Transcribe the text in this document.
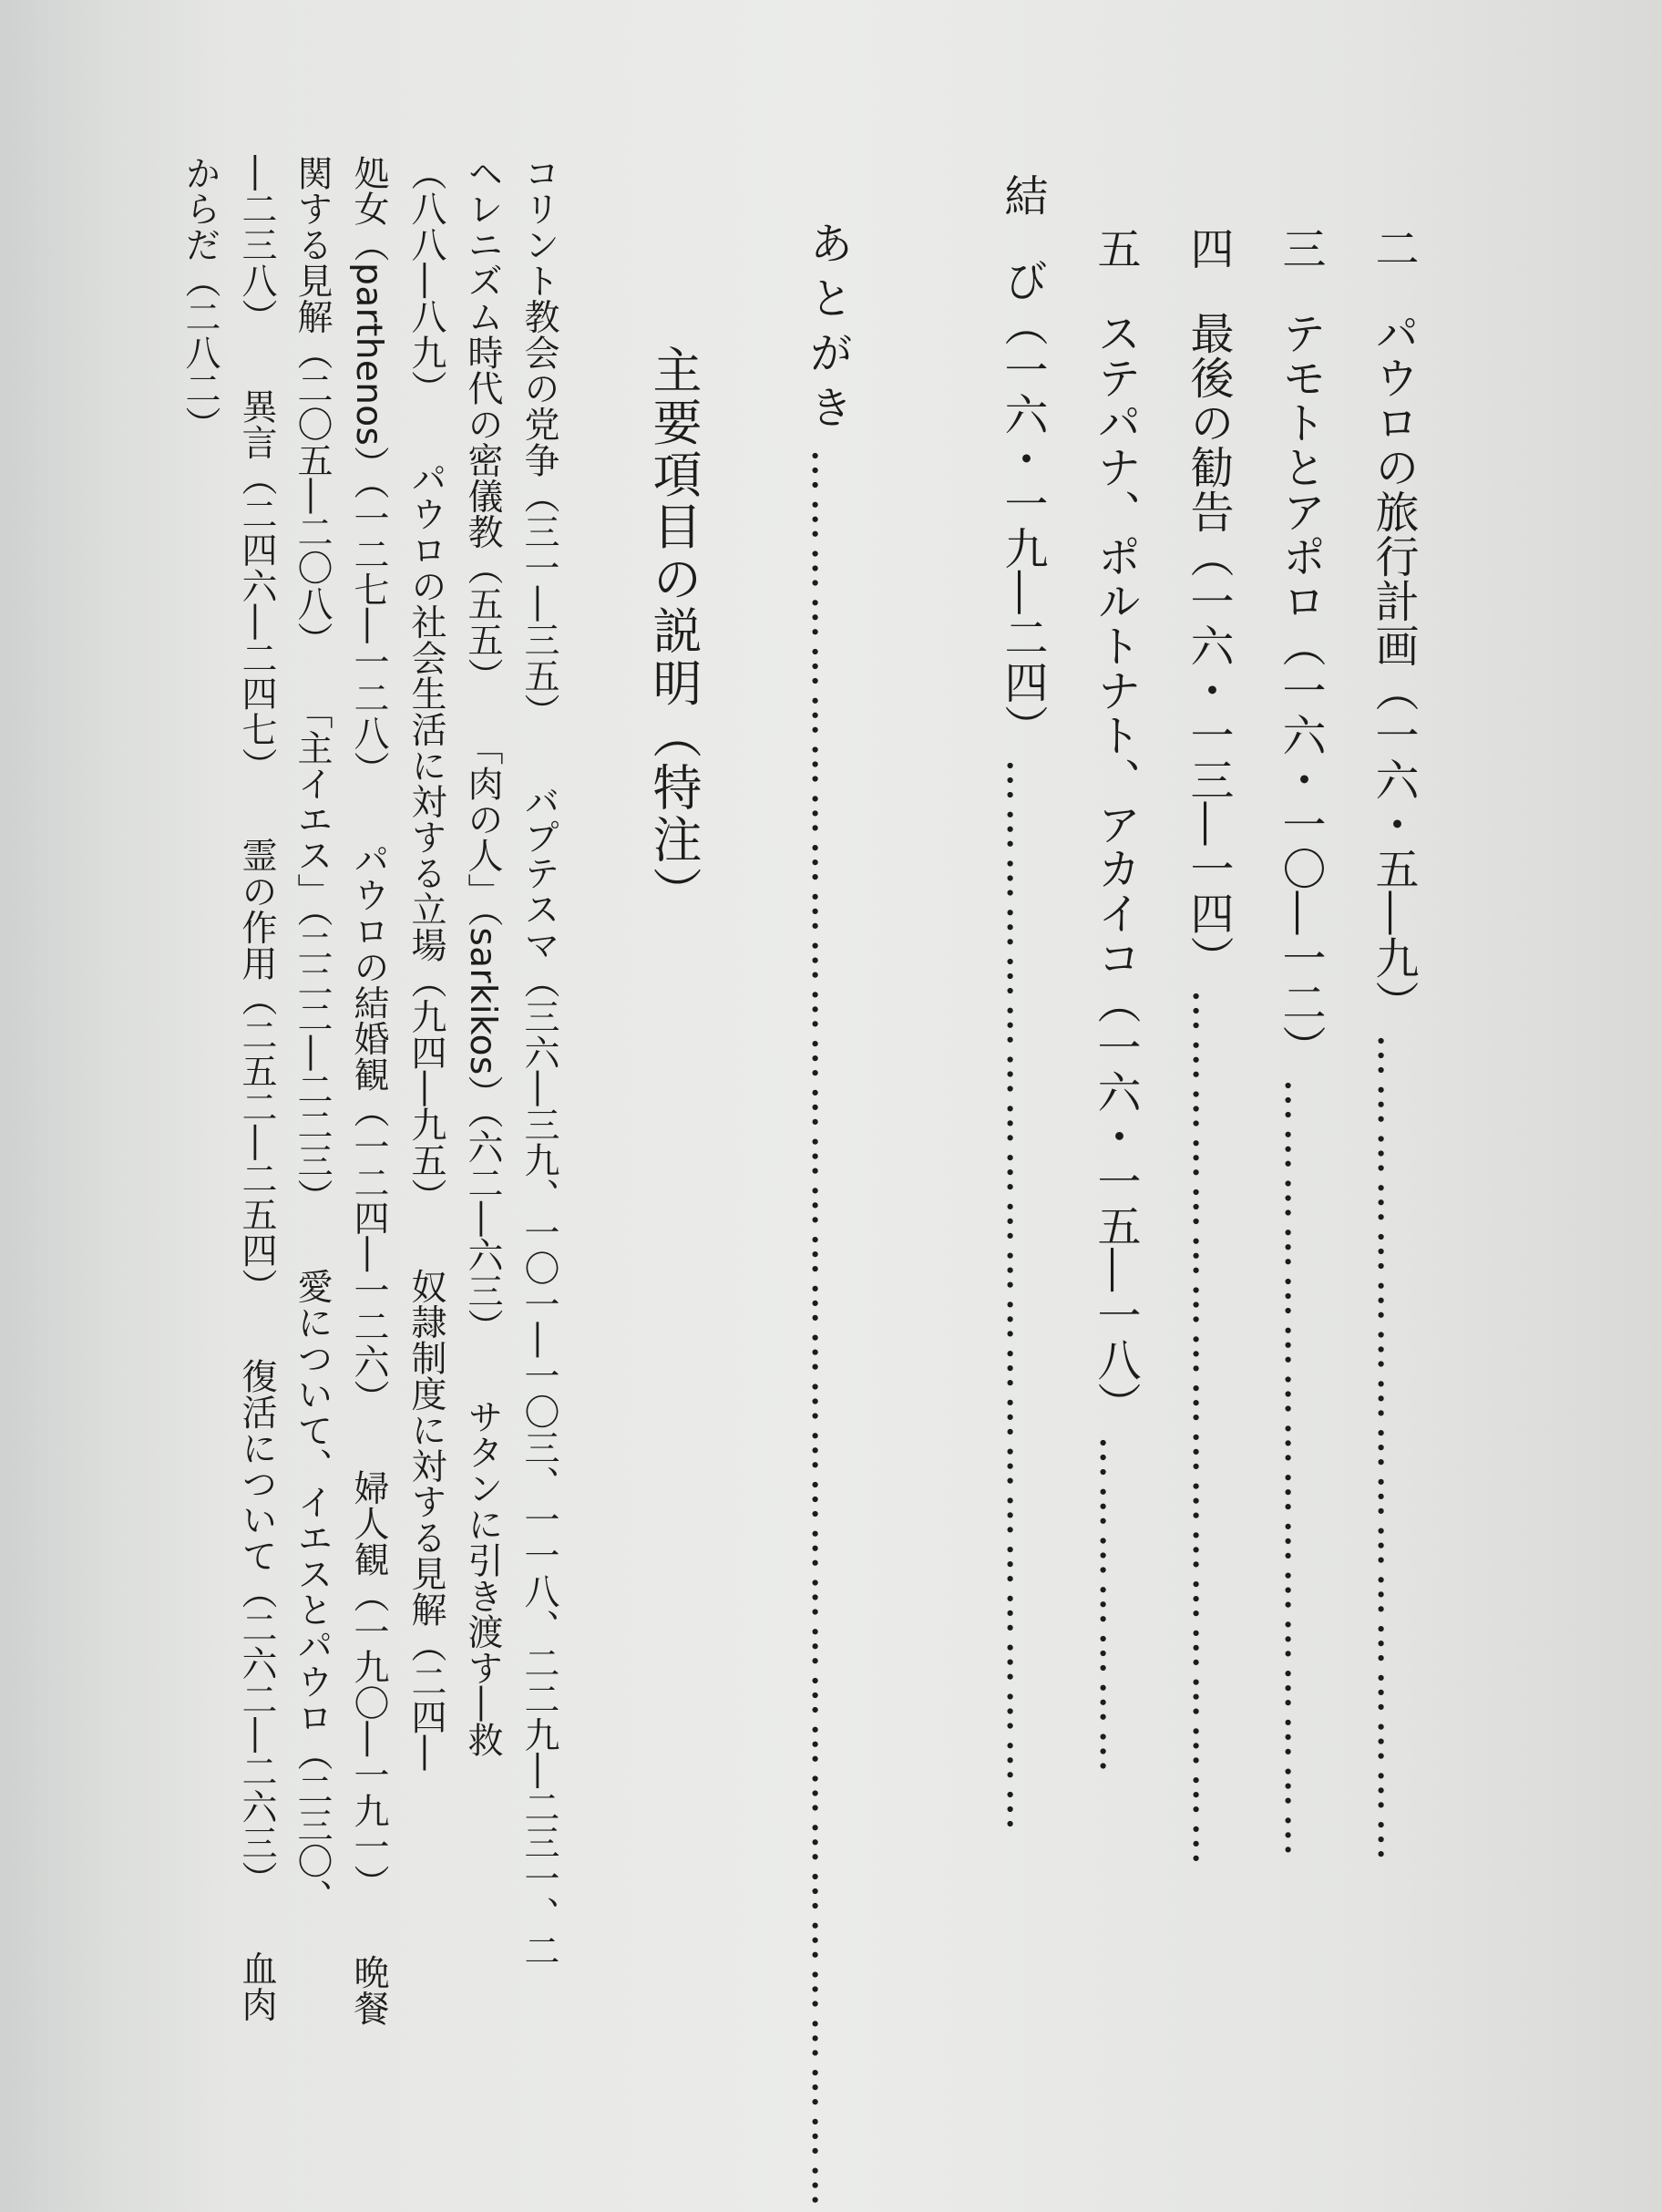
二パウロの旅行計画（一六・五―九）……………………………………………
三テモトとアポロ（一六・一〇―一二）…………………………………………
四最後の勧告（一六・一三―一四）………………………………………………
五ステパナ、ポルトナト、アカイコ（一六・一五―一八）…………………
結び（一六・一九―二四）…………………………………………………………
あとがき………………………………………………………………………………………………
主要項目の説明（特注）
コリント教会の党争（三一―三五）　　バプテスマ（三六―三九、一〇一―一〇三、一一八、二二九―二三一、二
ヘレニズム時代の密儀教（五五）　　「肉の人」（sarkikos）（六二―六三）　　サタンに引き渡す―救
（八八―八九）　　パウロの社会生活に対する立場（九四―九五）　　奴隷制度に対する見解（二四―
処女（parthenos）（一二七―一二八）　　パウロの結婚観（一二四―一二六）　　婦人観（一九〇―一九一）　　晩餐
関する見解（二〇五―二〇八）　　「主イエス」（二二二―二二三）　　愛について、イエスとパウロ（二三〇、
―二三八）　　異言（二四六―二四七）　　霊の作用（二五二―二五四）　　復活について（二六二―二六三）　　血肉
からだ（二八二）
